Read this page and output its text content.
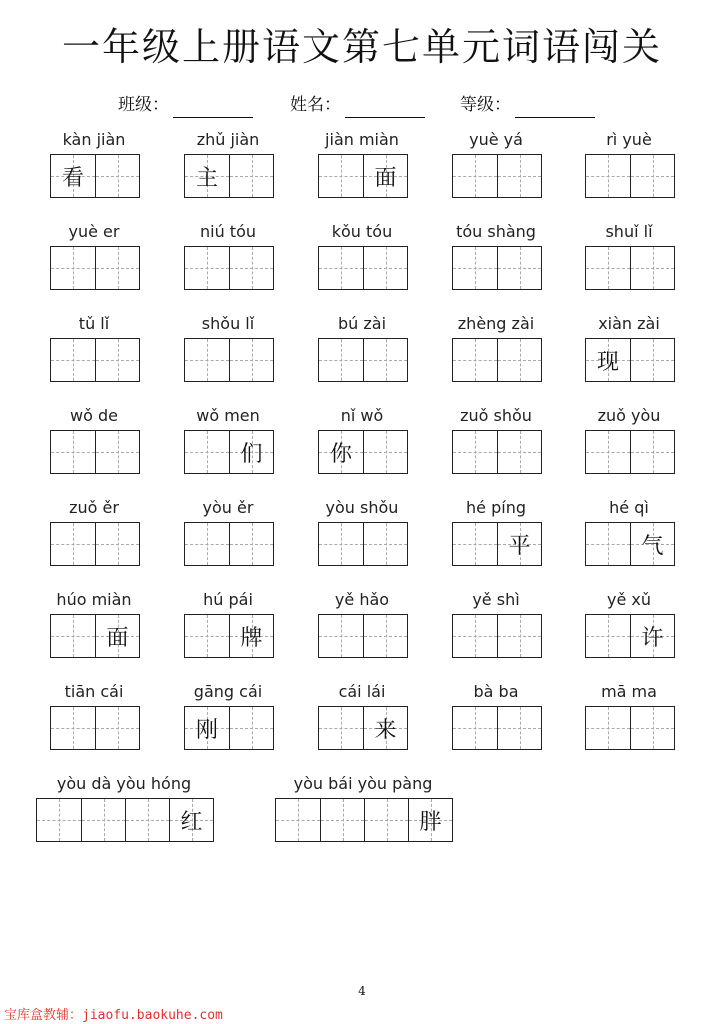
一年级上册语文第七单元词语闯关
班级：	姓名：	等级：
kàn jiàn
看
zhǔ jiàn
主
jiàn miàn
面
yuè yá	rì yuè
yuè er	niú tóu	kǒu tóu	tóu shàng	shuǐ lǐ
tǔ lǐ	shǒu lǐ	bú zài	zhèng zài	xiàn zài
现
wǒ de	wǒ men
们
nǐ wǒ
你
zuǒ shǒu	zuǒ yòu
zuǒ ěr	yòu ěr	yòu shǒu	hé píng
平
hé qì
气
húo miàn
面
hú pái
牌
yě hǎo	yě shì	yě xǔ
许
tiān cái	gāng cái
刚
cái lái
来
bà ba	mā ma
yòu dà yòu hóng
红
yòu bái yòu pàng
胖
4
宝库盒教辅：jiaofu.baokuhe.com
